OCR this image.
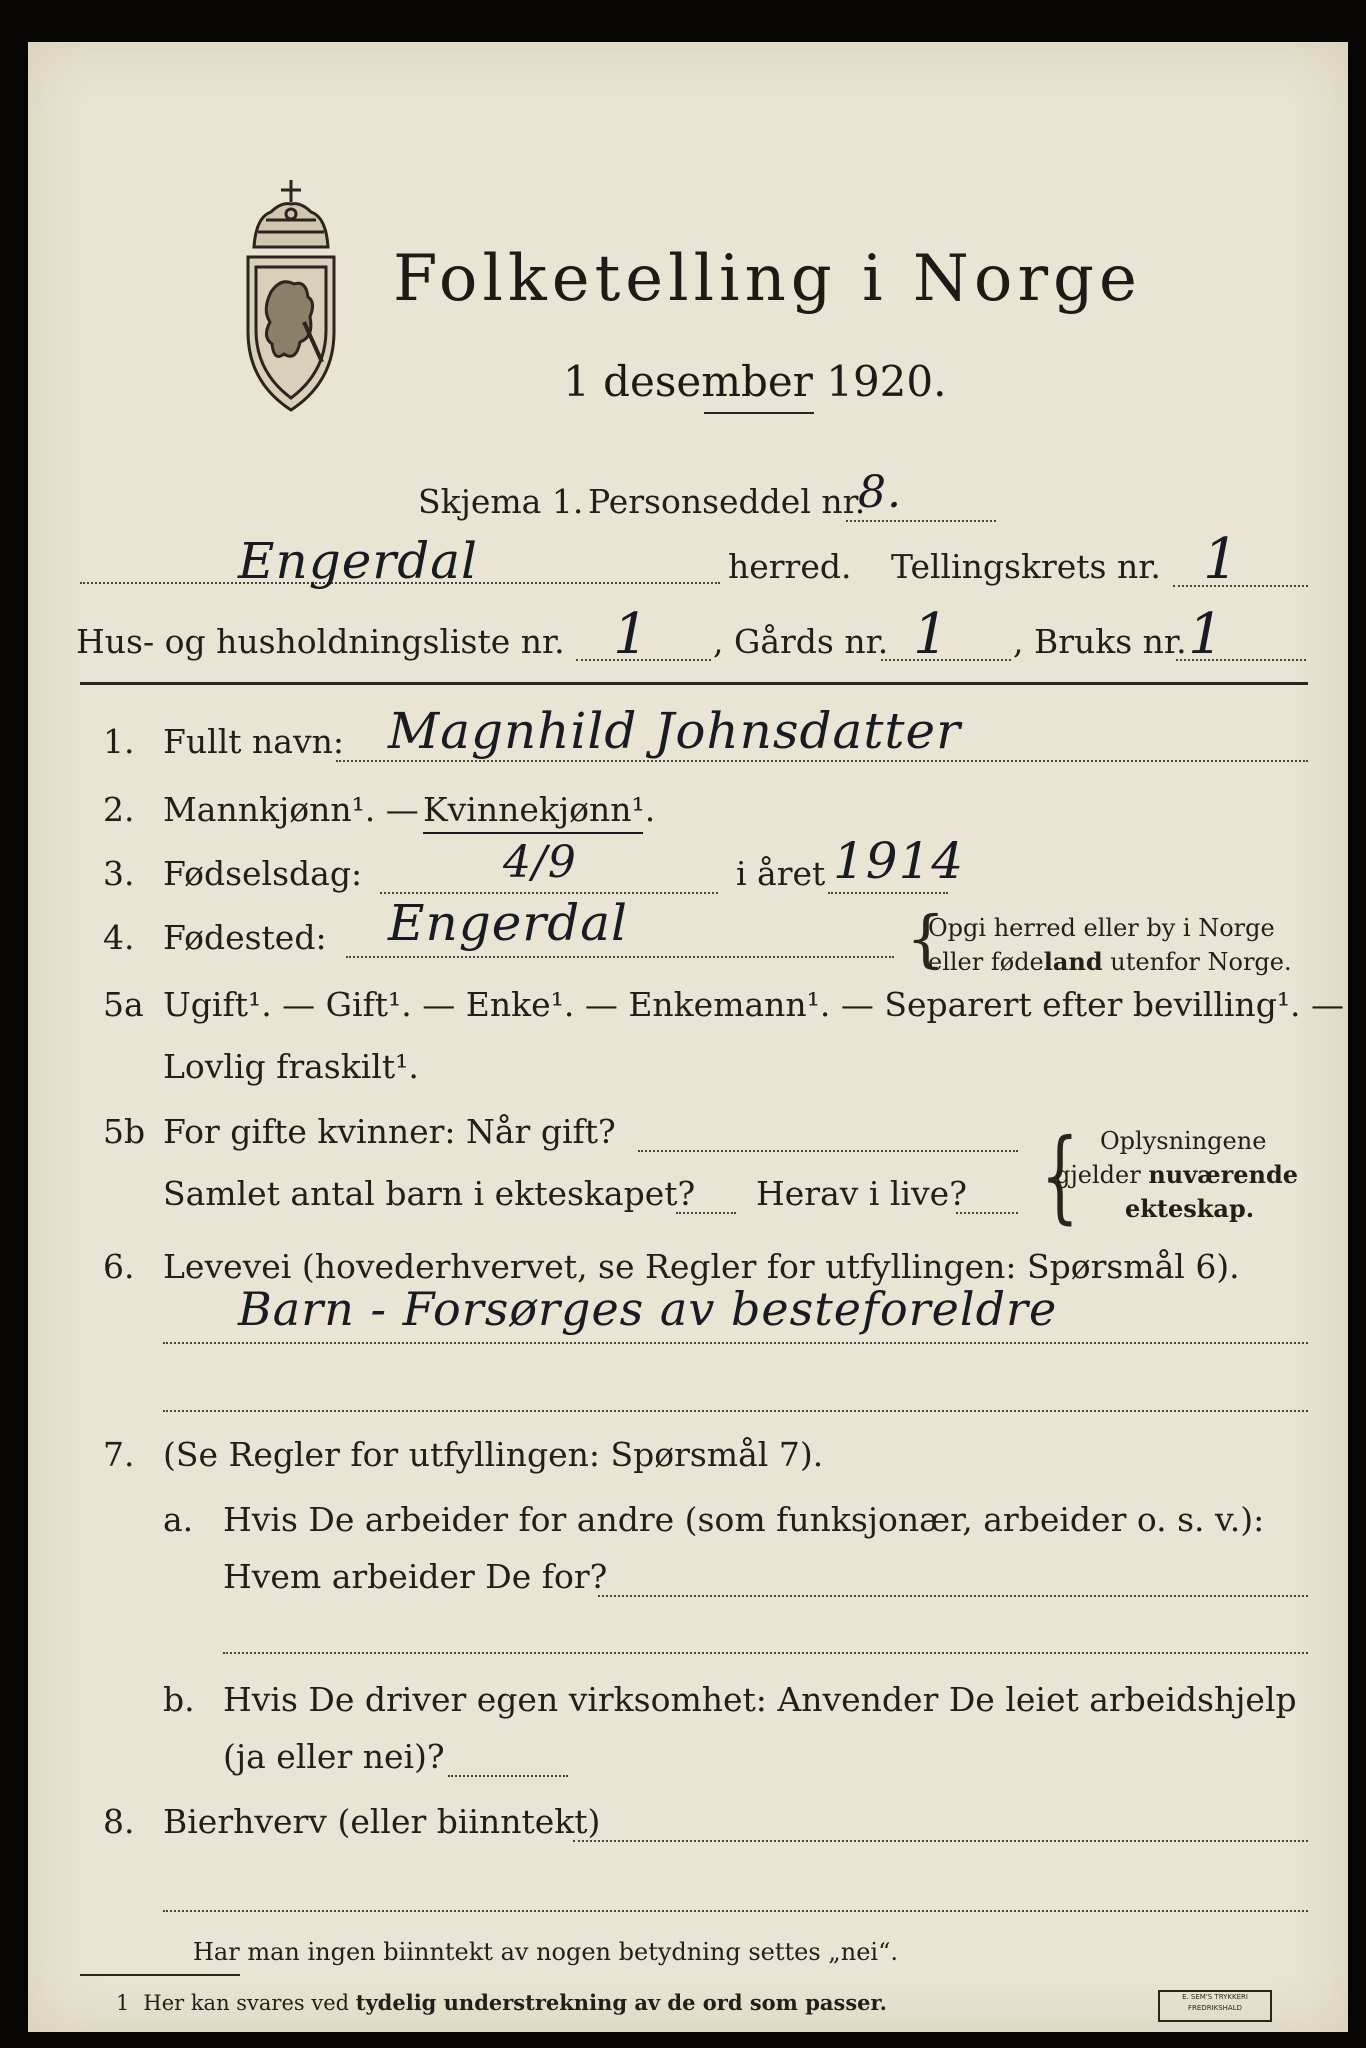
Folketelling i Norge
1 desember 1920.
Skjema 1. Personseddel nr.
8.
Engerdal	herred. Tellingskrets nr. 1
Hus- og husholdningsliste nr. 1 , Gårds nr. 1 , Bruks nr. 1
1. Fullt navn: Magnhild Johnsdatter
2. Mannkjønn¹. — Kvinnekjønn¹.
3. Fødselsdag:	4/9	i året 1914
4. Fødested: Engerdal	{
Opgi herred eller by i Norge
eller fødeland utenfor Norge.
5a Ugift¹. — Gift¹. — Enke¹. — Enkemann¹. — Separert efter bevilling¹. —
Lovlig fraskilt¹.
5b For gifte kvinner: Når gift?
Samlet antal barn i ekteskapet? Herav i live? { Oplysningene
gjelder nuværende
ekteskap.
6. Levevei (hovederhvervet, se Regler for utfyllingen: Spørsmål 6).
Barn - Forsørges av besteforeldre
7. (Se Regler for utfyllingen: Spørsmål 7).
a. Hvis De arbeider for andre (som funksjonær, arbeider o. s. v.):
Hvem arbeider De for?
b. Hvis De driver egen virksomhet: Anvender De leiet arbeidshjelp
(ja eller nei)?
8. Bierhverv (eller biinntekt)
Har man ingen biinntekt av nogen betydning settes „nei“.
1 Her kan svares ved tydelig understrekning av de ord som passer.	E. SEM'S TRYKKERI FREDRIKSHALD
